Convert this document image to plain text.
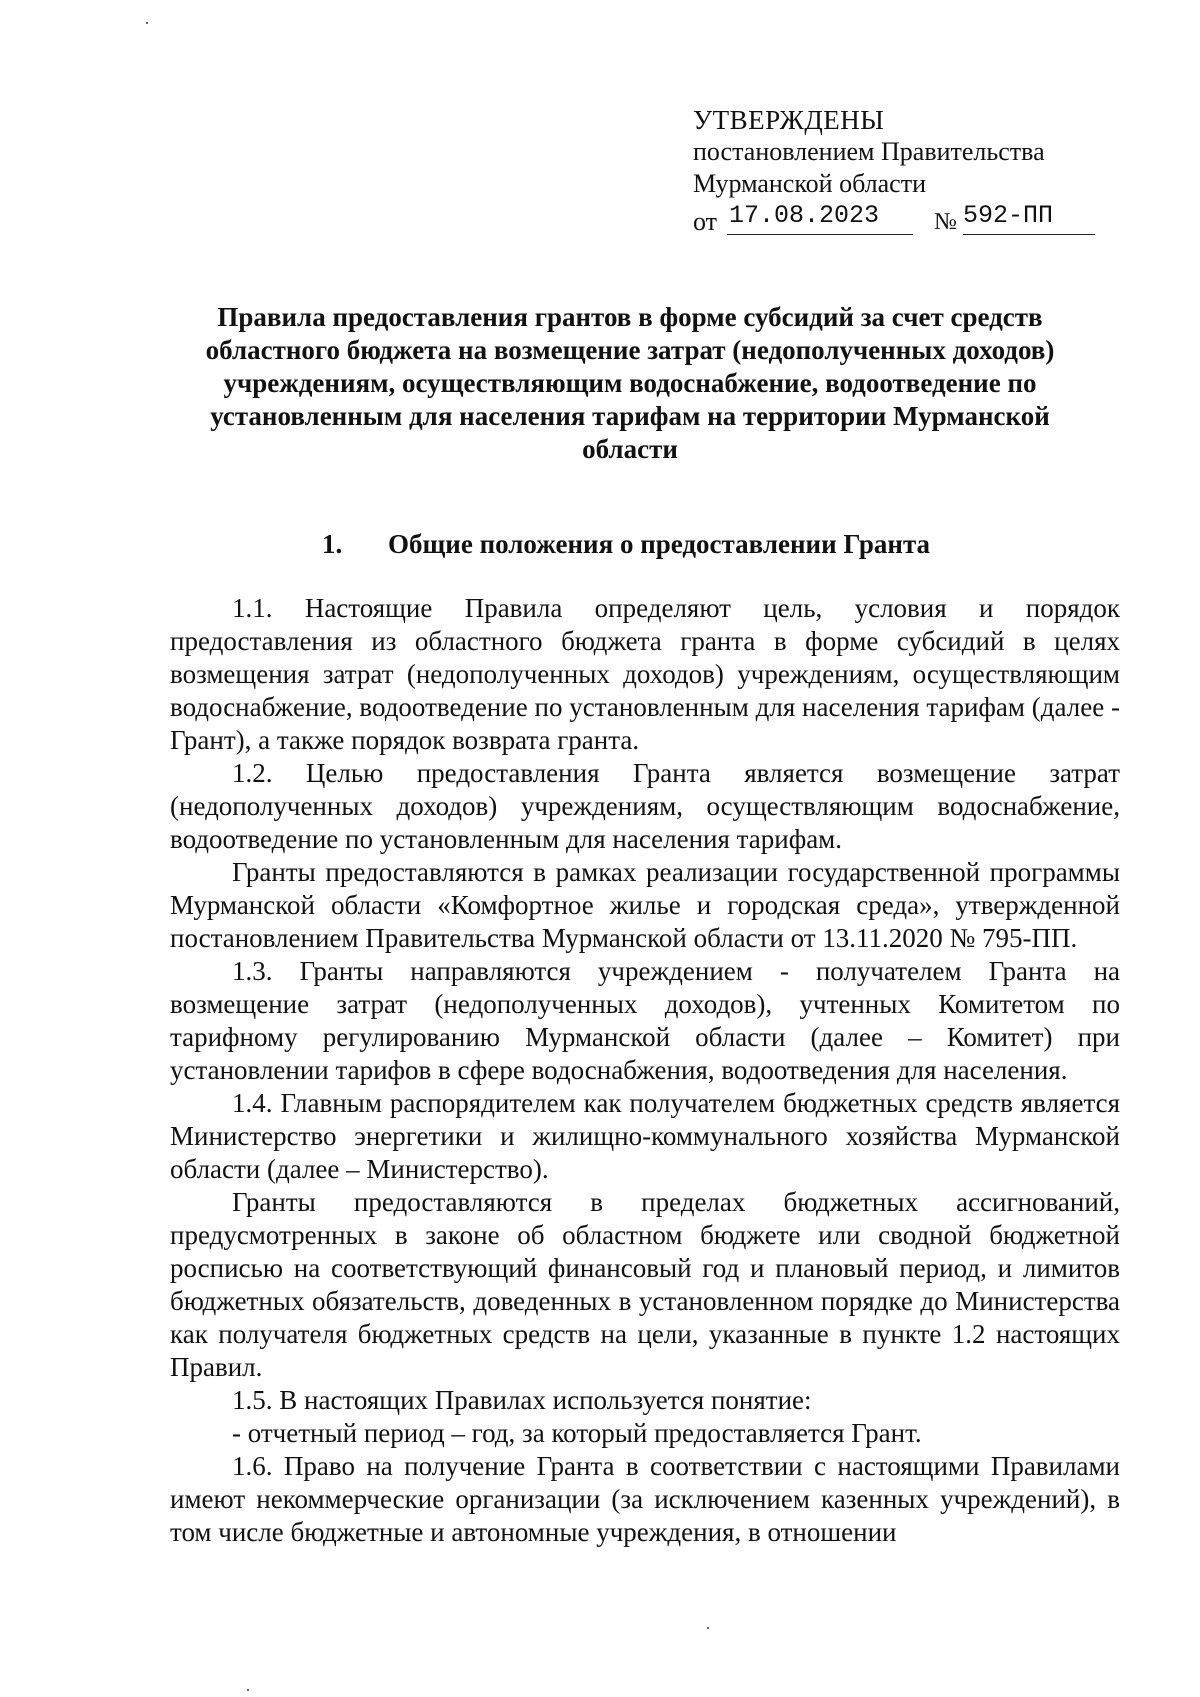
УТВЕРЖДЕНЫ
постановлением Правительства
Мурманской области
от 17.08.2023	№ 592-ПП
Правила предоставления грантов в форме субсидий за счет средств областного бюджета на возмещение затрат (недополученных доходов) учреждениям, осуществляющим водоснабжение, водоотведение по установленным для населения тарифам на территории Мурманской области
1. Общие положения о предоставлении Гранта

1.1. Настоящие Правила определяют цель, условия и порядок предоставления из областного бюджета гранта в форме субсидий в целях возмещения затрат (недополученных доходов) учреждениям, осуществляющим водоснабжение, водоотведение по установленным для населения тарифам (далее - Грант), а также порядок возврата гранта.

1.2. Целью предоставления Гранта является возмещение затрат (недополученных доходов) учреждениям, осуществляющим водоснабжение, водоотведение по установленным для населения тарифам.

Гранты предоставляются в рамках реализации государственной программы Мурманской области «Комфортное жилье и городская среда», утвержденной постановлением Правительства Мурманской области от 13.11.2020 № 795-ПП.

1.3. Гранты направляются учреждением - получателем Гранта на возмещение затрат (недополученных доходов), учтенных Комитетом по тарифному регулированию Мурманской области (далее – Комитет) при установлении тарифов в сфере водоснабжения, водоотведения для населения.

1.4. Главным распорядителем как получателем бюджетных средств является Министерство энергетики и жилищно-коммунального хозяйства Мурманской области (далее – Министерство).

Гранты предоставляются в пределах бюджетных ассигнований, предусмотренных в законе об областном бюджете или сводной бюджетной росписью на соответствующий финансовый год и плановый период, и лимитов бюджетных обязательств, доведенных в установленном порядке до Министерства как получателя бюджетных средств на цели, указанные в пункте 1.2 настоящих Правил.

1.5. В настоящих Правилах используется понятие:

- отчетный период – год, за который предоставляется Грант.

1.6. Право на получение Гранта в соответствии с настоящими Правилами имеют некоммерческие организации (за исключением казенных учреждений), в том числе бюджетные и автономные учреждения, в отношении
